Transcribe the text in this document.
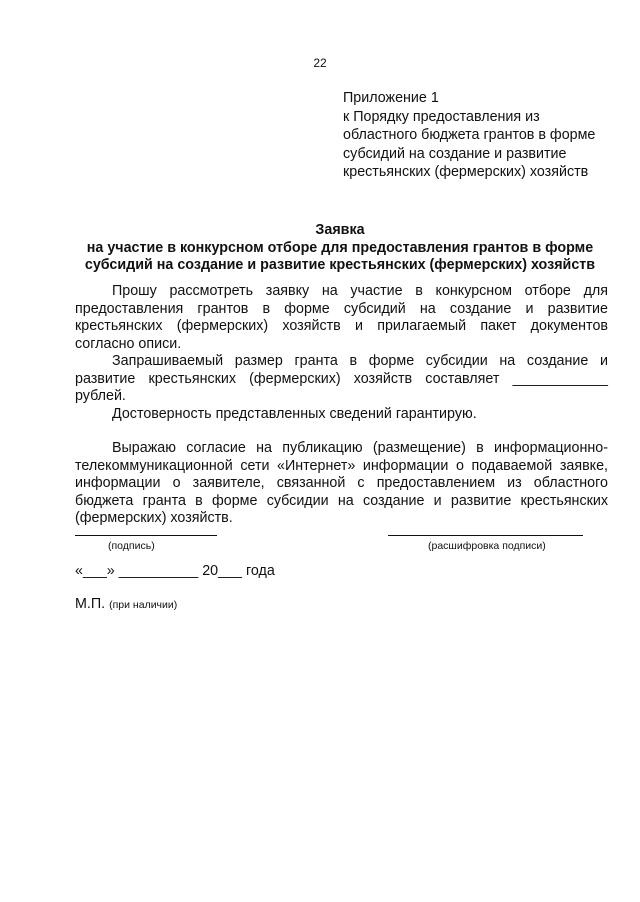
22
Приложение 1
к Порядку предоставления из
областного бюджета грантов в форме
субсидий на создание и развитие
крестьянских (фермерских) хозяйств
Заявка
на участие в конкурсном отборе для предоставления грантов в форме
субсидий на создание и развитие крестьянских (фермерских) хозяйств

Прошу рассмотреть заявку на участие в конкурсном отборе для предоставления грантов в форме субсидий на создание и развитие крестьянских (фермерских) хозяйств и прилагаемый пакет документов согласно описи.

Запрашиваемый размер гранта в форме субсидии на создание и развитие крестьянских (фермерских) хозяйств составляет ____________ рублей.

Достоверность представленных сведений гарантирую.

Выражаю согласие на публикацию (размещение) в информационно-телекоммуникационной сети «Интернет» информации о подаваемой заявке, информации о заявителе, связанной с предоставлением из областного бюджета гранта в форме субсидии на создание и развитие крестьянских (фермерских) хозяйств.

(подпись)	(расшифровка подписи)
«___» __________ 20___ года
М.П. (при наличии)
